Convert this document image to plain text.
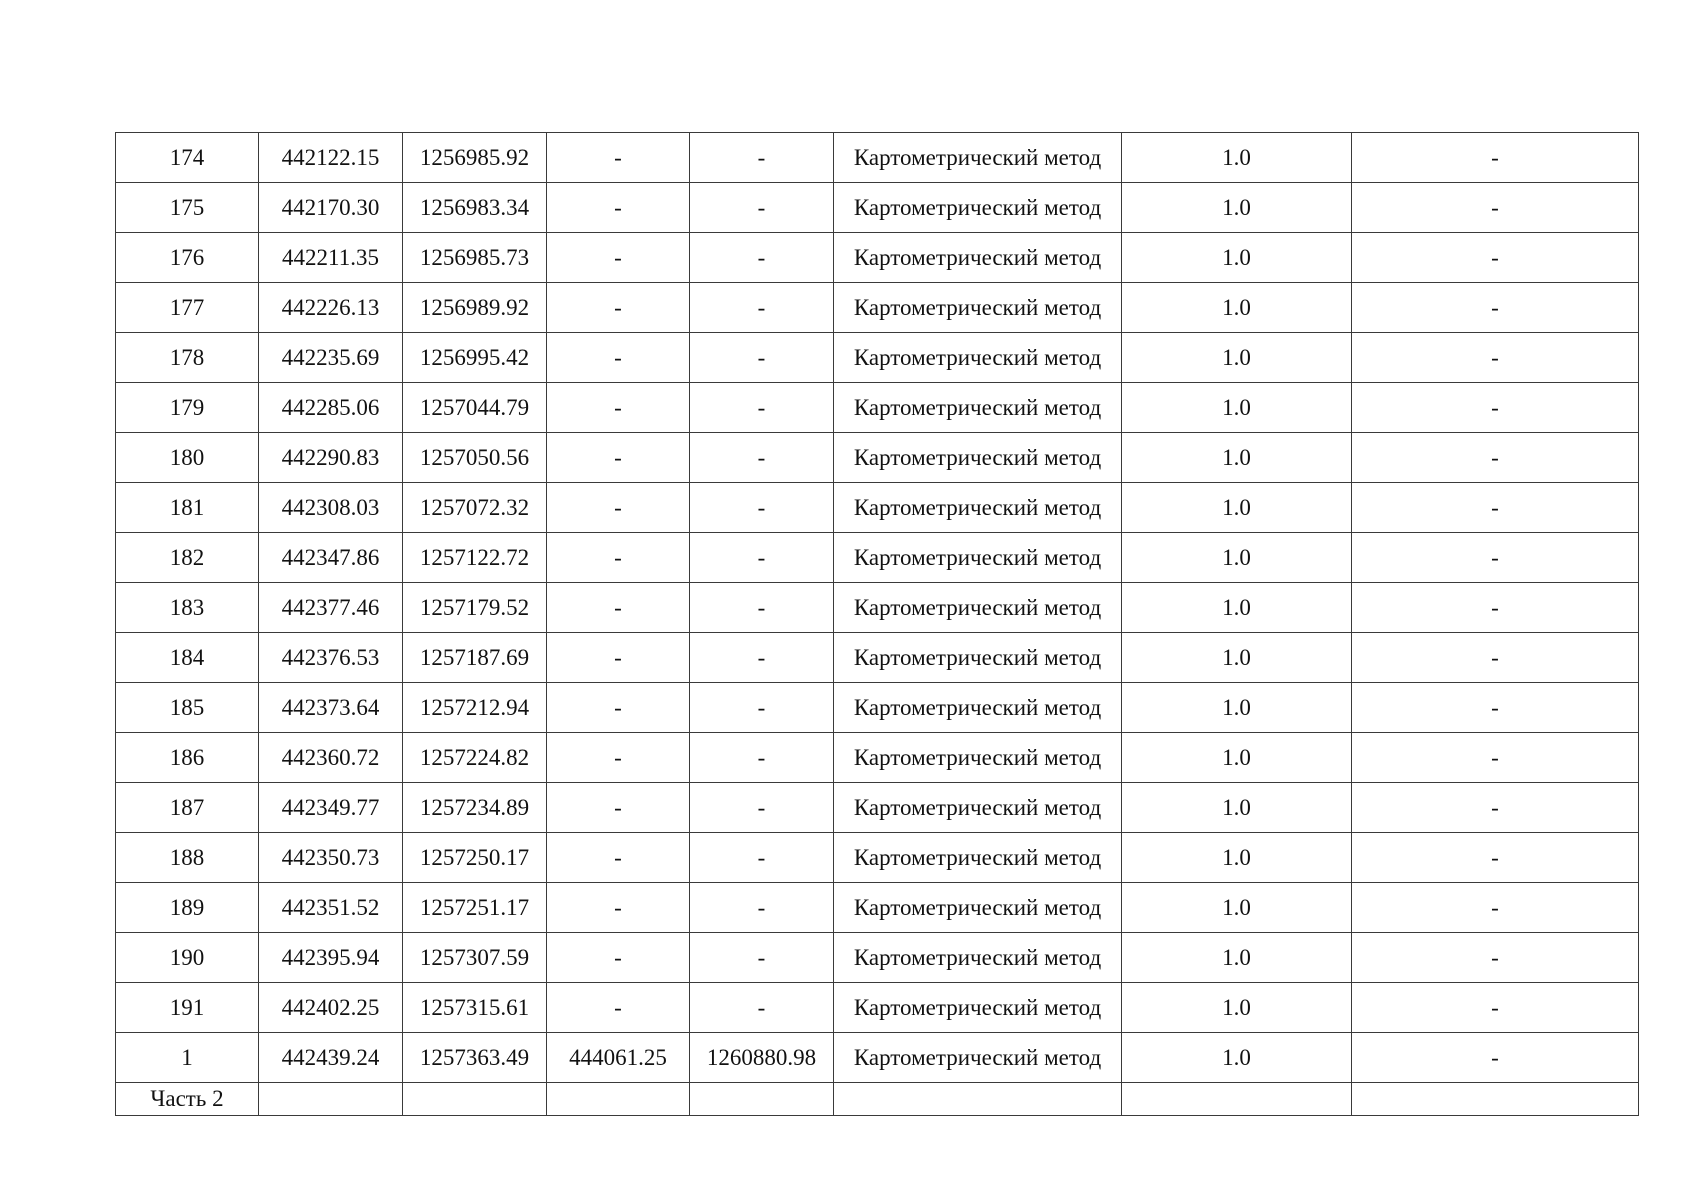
174	442122.15	1256985.92	-	-	Картометрический метод	1.0	-
175	442170.30	1256983.34	-	-	Картометрический метод	1.0	-
176	442211.35	1256985.73	-	-	Картометрический метод	1.0	-
177	442226.13	1256989.92	-	-	Картометрический метод	1.0	-
178	442235.69	1256995.42	-	-	Картометрический метод	1.0	-
179	442285.06	1257044.79	-	-	Картометрический метод	1.0	-
180	442290.83	1257050.56	-	-	Картометрический метод	1.0	-
181	442308.03	1257072.32	-	-	Картометрический метод	1.0	-
182	442347.86	1257122.72	-	-	Картометрический метод	1.0	-
183	442377.46	1257179.52	-	-	Картометрический метод	1.0	-
184	442376.53	1257187.69	-	-	Картометрический метод	1.0	-
185	442373.64	1257212.94	-	-	Картометрический метод	1.0	-
186	442360.72	1257224.82	-	-	Картометрический метод	1.0	-
187	442349.77	1257234.89	-	-	Картометрический метод	1.0	-
188	442350.73	1257250.17	-	-	Картометрический метод	1.0	-
189	442351.52	1257251.17	-	-	Картометрический метод	1.0	-
190	442395.94	1257307.59	-	-	Картометрический метод	1.0	-
191	442402.25	1257315.61	-	-	Картометрический метод	1.0	-
1	442439.24	1257363.49	444061.25	1260880.98	Картометрический метод	1.0	-
Часть 2							
